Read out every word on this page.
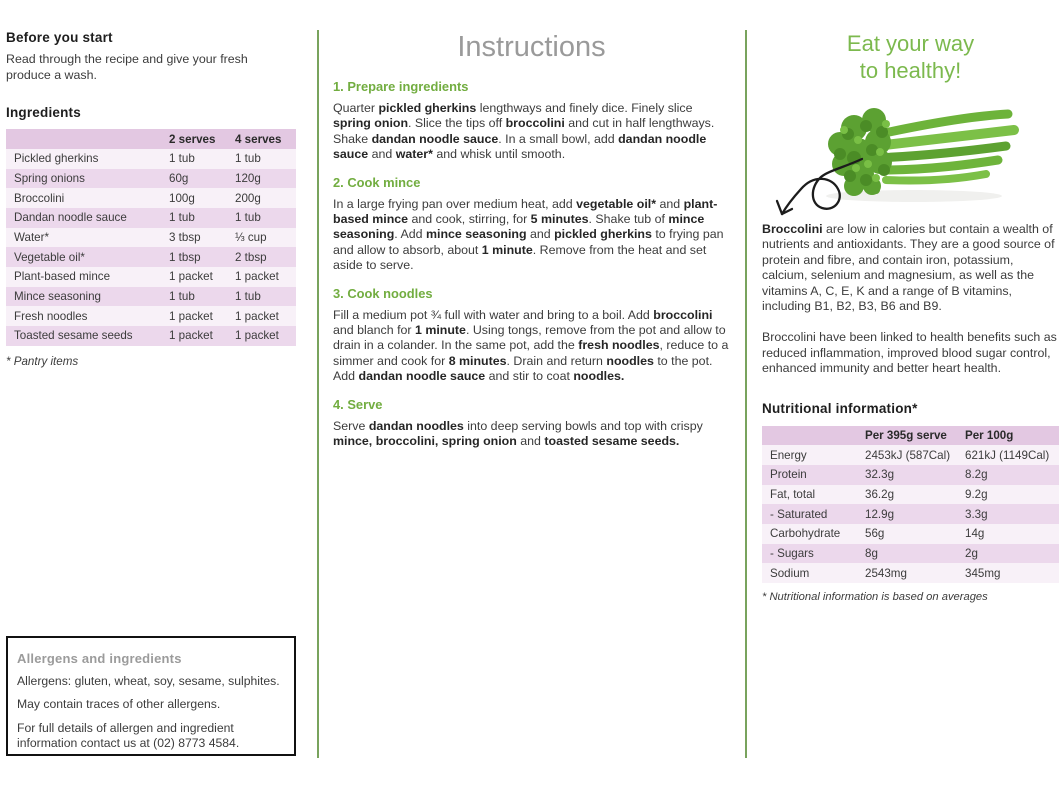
Before you start
Read through the recipe and give your fresh produce a wash.
Ingredients
	2 serves	4 serves
Pickled gherkins	1 tub	1 tub
Spring onions	60g	120g
Broccolini	100g	200g
Dandan noodle sauce	1 tub	1 tub
Water*	3 tbsp	⅓ cup
Vegetable oil*	1 tbsp	2 tbsp
Plant-based mince	1 packet	1 packet
Mince seasoning	1 tub	1 tub
Fresh noodles	1 packet	1 packet
Toasted sesame seeds	1 packet	1 packet
* Pantry items
Allergens and ingredients

Allergens: gluten, wheat, soy, sesame, sulphites.

May contain traces of other allergens.

For full details of allergen and ingredient information contact us at (02) 8773 4584.

Instructions
1. Prepare ingredients

Quarter pickled gherkins lengthways and finely dice. Finely slice spring onion. Slice the tips off broccolini and cut in half lengthways. Shake dandan noodle sauce. In a small bowl, add dandan noodle sauce and water* and whisk until smooth.

2. Cook mince

In a large frying pan over medium heat, add vegetable oil* and plant-based mince and cook, stirring, for 5 minutes. Shake tub of mince seasoning. Add mince seasoning and pickled gherkins to frying pan and allow to absorb, about 1 minute. Remove from the heat and set aside to serve.

3. Cook noodles

Fill a medium pot ¾ full with water and bring to a boil. Add broccolini and blanch for 1 minute. Using tongs, remove from the pot and allow to drain in a colander. In the same pot, add the fresh noodles, reduce to a simmer and cook for 8 minutes. Drain and return noodles to the pot. Add dandan noodle sauce and stir to coat noodles.

4. Serve

Serve dandan noodles into deep serving bowls and top with crispy mince, broccolini, spring onion and toasted sesame seeds.

Eat your way
to healthy!
Broccolini are low in calories but contain a wealth of nutrients and antioxidants. They are a good source of protein and fibre, and contain iron, potassium, calcium, selenium and magnesium, as well as the vitamins A, C, E, K and a range of B vitamins, including B1, B2, B3, B6 and B9.
Broccolini have been linked to health benefits such as reduced inflammation, improved blood sugar control, enhanced immunity and better heart health.
Nutritional information*
	Per 395g serve	Per 100g
Energy	2453kJ (587Cal)	621kJ (1149Cal)
Protein	32.3g	8.2g
Fat, total	36.2g	9.2g
- Saturated	12.9g	3.3g
Carbohydrate	56g	14g
- Sugars	8g	2g
Sodium	2543mg	345mg
* Nutritional information is based on averages
